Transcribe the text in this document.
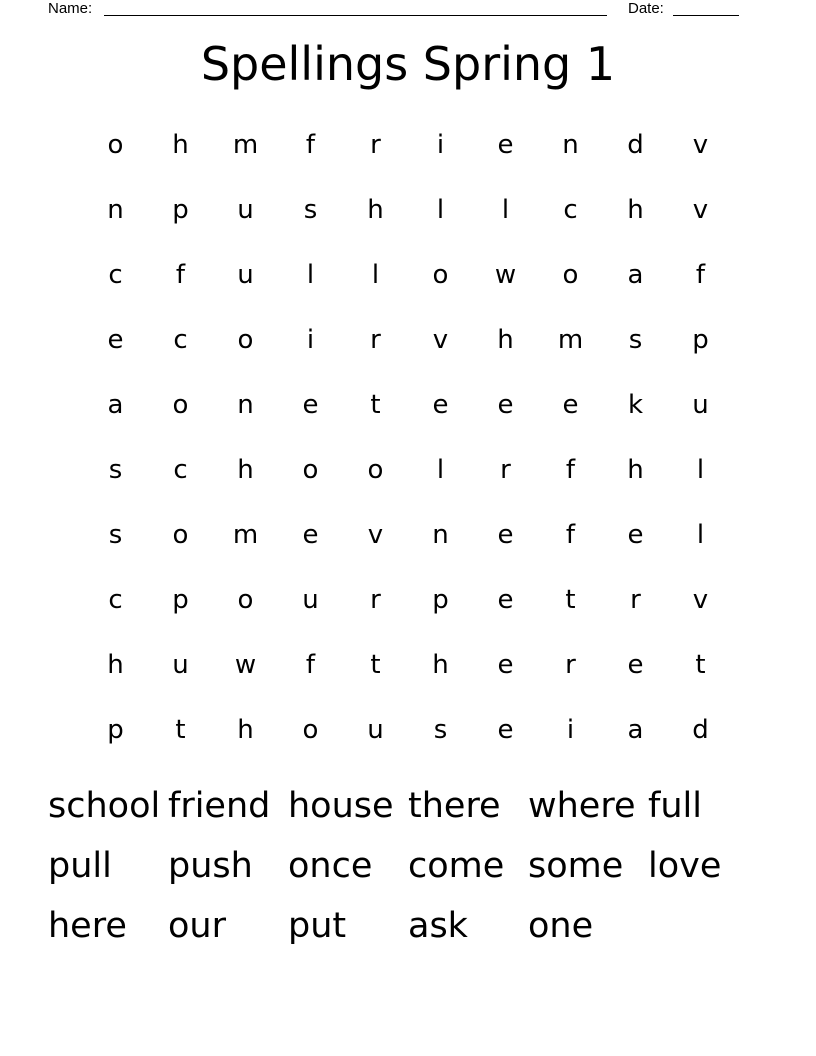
Name:	Date:
Spellings Spring 1
o	h	m	f	r	i	e	n	d	v
n	p	u	s	h	l	l	c	h	v
c	f	u	l	l	o	w	o	a	f
e	c	o	i	r	v	h	m	s	p
a	o	n	e	t	e	e	e	k	u
s	c	h	o	o	l	r	f	h	l
s	o	m	e	v	n	e	f	e	l
c	p	o	u	r	p	e	t	r	v
h	u	w	f	t	h	e	r	e	t
p	t	h	o	u	s	e	i	a	d
school friend house there where full
pull	push	once	come some love
here	our	put	ask	one
